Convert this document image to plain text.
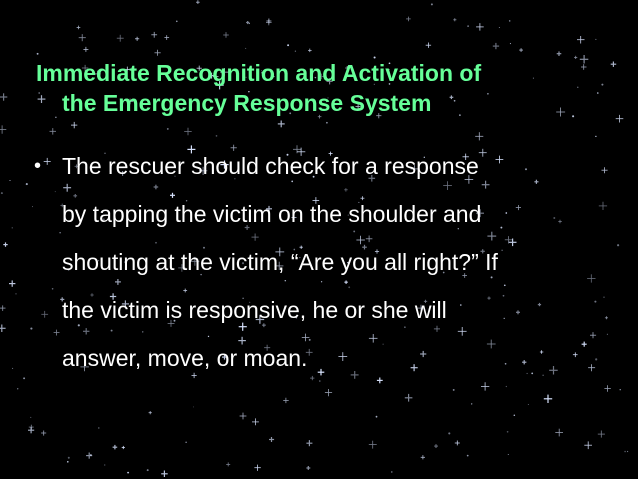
Immediate Recognition and Activation of
the Emergency Response System
• The rescuer should check for a response
by tapping the victim on the shoulder and
shouting at the victim, “Are you all right?” If
the victim is responsive, he or she will
answer, move, or moan.
